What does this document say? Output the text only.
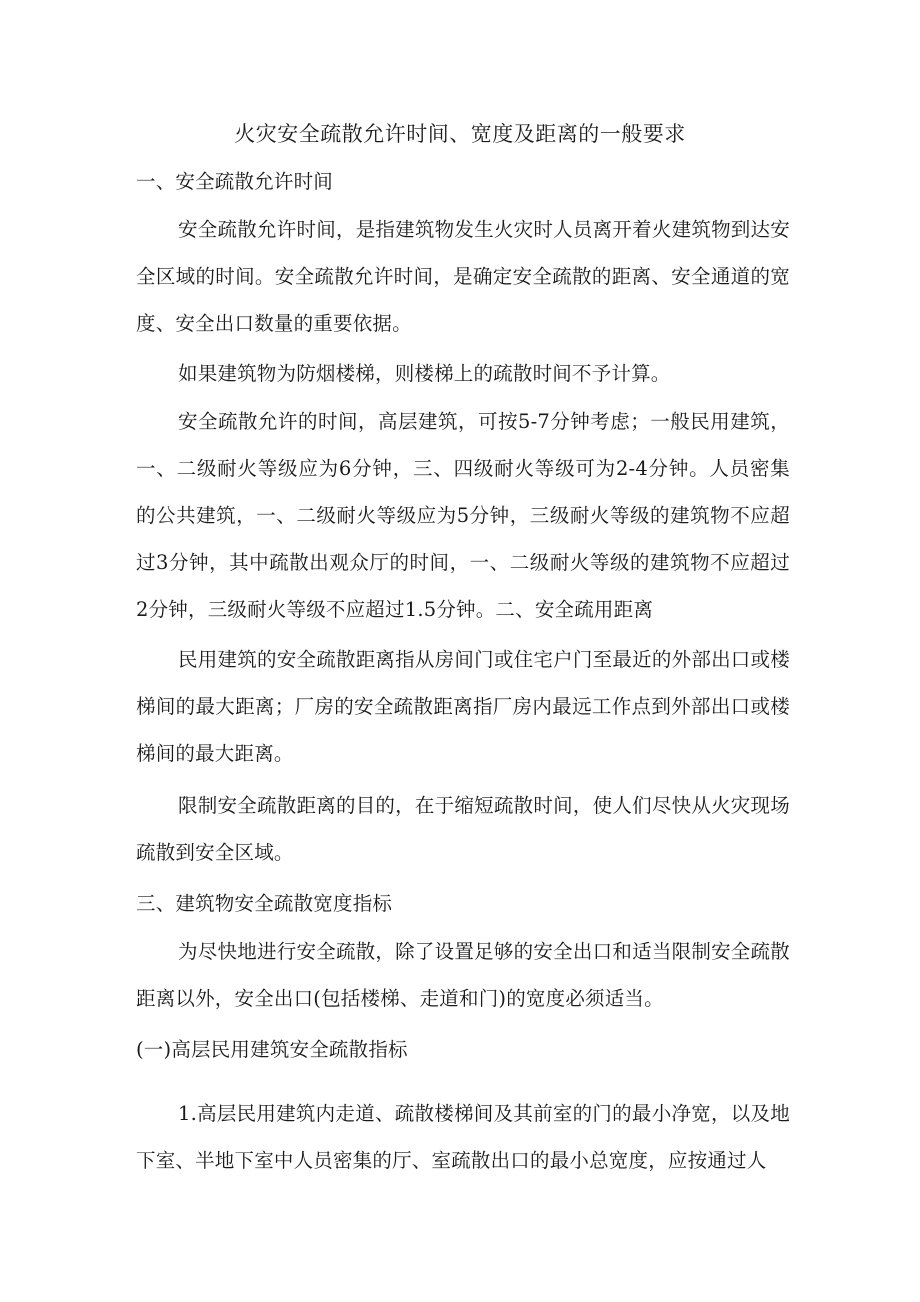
火灾安全疏散允许时间、宽度及距离的一般要求

一、安全疏散允许时间

安全疏散允许时间，是指建筑物发生火灾时人员离开着火建筑物到达安全区域的时间。安全疏散允许时间，是确定安全疏散的距离、安全通道的宽度、安全出口数量的重要依据。

如果建筑物为防烟楼梯，则楼梯上的疏散时间不予计算。

安全疏散允许的时间，高层建筑，可按5-7分钟考虑；一般民用建筑，一、二级耐火等级应为6分钟，三、四级耐火等级可为2-4分钟。人员密集的公共建筑，一、二级耐火等级应为5分钟，三级耐火等级的建筑物不应超过3分钟，其中疏散出观众厅的时间，一、二级耐火等级的建筑物不应超过2分钟，三级耐火等级不应超过1.5分钟。二、安全疏用距离

民用建筑的安全疏散距离指从房间门或住宅户门至最近的外部出口或楼梯间的最大距离；厂房的安全疏散距离指厂房内最远工作点到外部出口或楼梯间的最大距离。

限制安全疏散距离的目的，在于缩短疏散时间，使人们尽快从火灾现场疏散到安全区域。

三、建筑物安全疏散宽度指标

为尽快地进行安全疏散，除了设置足够的安全出口和适当限制安全疏散距离以外，安全出口(包括楼梯、走道和门)的宽度必须适当。

(一)高层民用建筑安全疏散指标

1.高层民用建筑内走道、疏散楼梯间及其前室的门的最小净宽，以及地下室、半地下室中人员密集的厅、室疏散出口的最小总宽度，应按通过人
